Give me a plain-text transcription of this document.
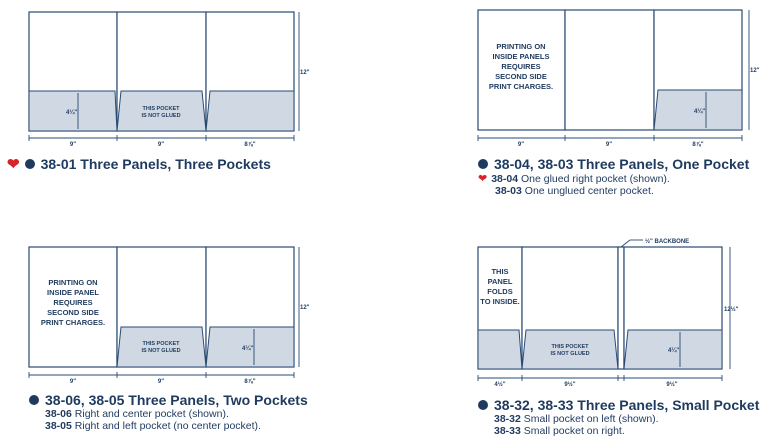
4¼"
THIS POCKET
IS NOT GLUED
9"	9"	8⅞"
12"
4¼"
PRINTING ON
INSIDE PANELS
REQUIRES
SECOND SIDE
PRINT CHARGES.
9"	9"	8⅞"
12"
THIS POCKET
IS NOT GLUED	4¼"
PRINTING ON
INSIDE PANEL
REQUIRES
SECOND SIDE
PRINT CHARGES.
9"	9"	8⅞"
12"
THIS POCKET
IS NOT GLUED	4¼"
THIS
PANEL
FOLDS
TO INSIDE.
½" BACKBONE
4½"	9½"	9½"
12½"
❤ 38-01 Three Panels, Three Pockets	38-04, 38-03 Three Panels, One Pocket
❤ 38-04 One glued right pocket (shown).
38-03 One unglued center pocket.
38-06, 38-05 Three Panels, Two Pockets
38-06 Right and center pocket (shown).
38-05 Right and left pocket (no center pocket).
38-32, 38-33 Three Panels, Small Pocket
38-32 Small pocket on left (shown).
38-33 Small pocket on right.
